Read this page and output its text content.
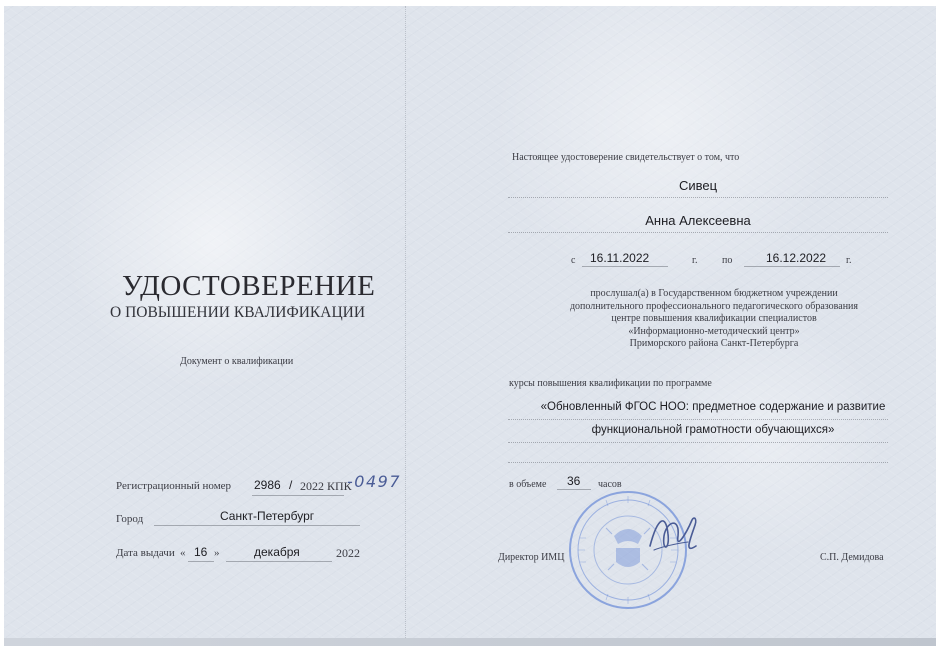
УДОСТОВЕРЕНИЕ
О ПОВЫШЕНИИ КВАЛИФИКАЦИИ
Документ о квалификации
Регистрационный номер 2986 / 2022 КПК
-0497
Город	Санкт-Петербург
Дата выдачи « 16 »	декабря	2022
Настоящее удостоверение свидетельствует о том, что
Сивец
Анна Алексеевна
с 16.11.2022	г. по	16.12.2022 г.
прослушал(а) в Государственном бюджетном учреждении
дополнительного профессионального педагогического образования
центре повышения квалификации специалистов
«Информационно-методический центр»
Приморского района Санкт-Петербурга
курсы повышения квалификации по программе
«Обновленный ФГОС НОО: предметное содержание и развитие
функциональной грамотности обучающихся»
в объеме 36 часов
Директор ИМЦ	С.П. Демидова
